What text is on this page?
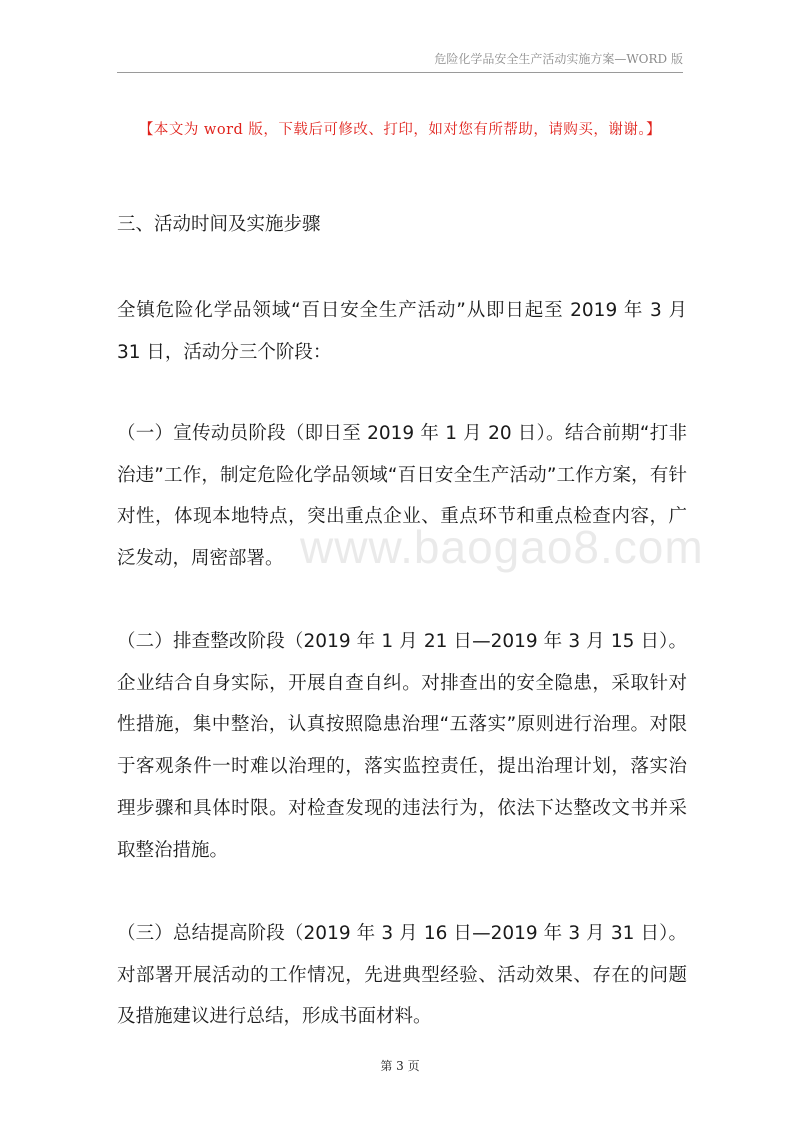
危险化学品安全生产活动实施方案—WORD 版
【本文为 word 版，下载后可修改、打印，如对您有所帮助，请购买，谢谢。】
www.baogao8.com

三、活动时间及实施步骤

全镇危险化学品领域“百日安全生产活动”从即日起至 2019 年 3 月 31 日，活动分三个阶段：

（一）宣传动员阶段（即日至 2019 年 1 月 20 日）。结合前期“打非治违”工作，制定危险化学品领域“百日安全生产活动”工作方案，有针对性，体现本地特点，突出重点企业、重点环节和重点检查内容，广泛发动，周密部署。

（二）排查整改阶段（2019 年 1 月 21 日—2019 年 3 月 15 日）。企业结合自身实际，开展自查自纠。对排查出的安全隐患，采取针对性措施，集中整治，认真按照隐患治理“五落实”原则进行治理。对限于客观条件一时难以治理的，落实监控责任，提出治理计划，落实治理步骤和具体时限。对检查发现的违法行为，依法下达整改文书并采取整治措施。

（三）总结提高阶段（2019 年 3 月 16 日—2019 年 3 月 31 日）。对部署开展活动的工作情况，先进典型经验、活动效果、存在的问题及措施建议进行总结，形成书面材料。

第 3 页
